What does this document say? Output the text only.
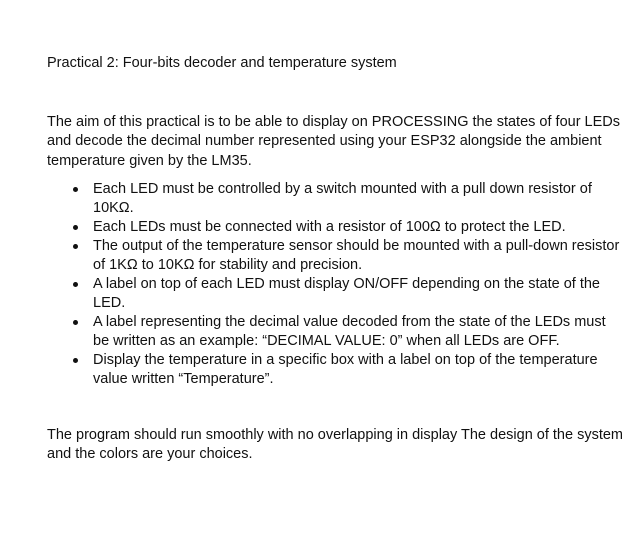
Practical 2: Four-bits decoder and temperature system
The aim of this practical is to be able to display on PROCESSING the states of four LEDs and decode the decimal number represented using your ESP32 alongside the ambient temperature given by the LM35.
Each LED must be controlled by a switch mounted with a pull down resistor of 10KΩ.
Each LEDs must be connected with a resistor of 100Ω to protect the LED.
The output of the temperature sensor should be mounted with a pull-down resistor of 1KΩ to 10KΩ for stability and precision.
A label on top of each LED must display ON/OFF depending on the state of the LED.
A label representing the decimal value decoded from the state of the LEDs must be written as an example: “DECIMAL VALUE: 0” when all LEDs are OFF.
Display the temperature in a specific box with a label on top of the temperature value written “Temperature”.
The program should run smoothly with no overlapping in display The design of the system and the colors are your choices.
